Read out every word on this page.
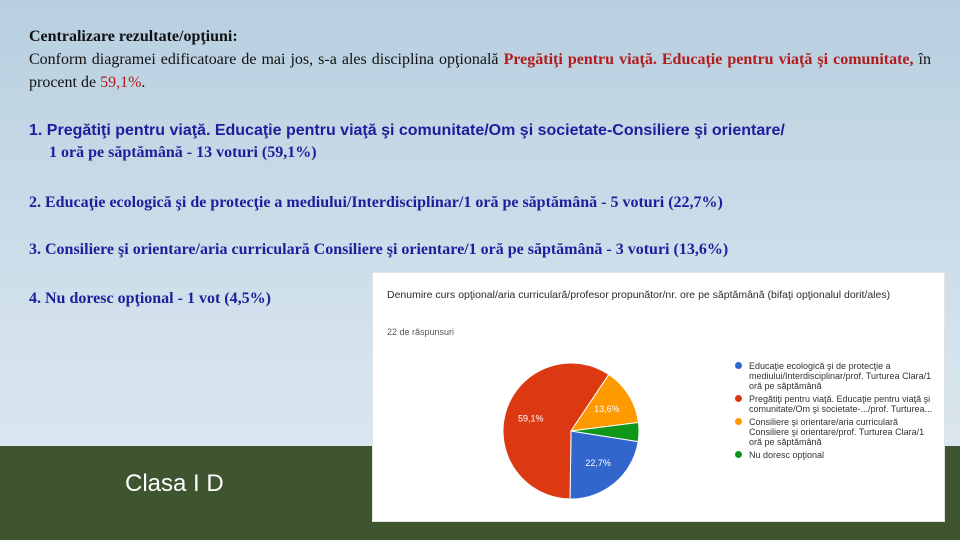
Centralizare rezultate/opţiuni:
Conform diagramei edificatoare de mai jos, s-a ales disciplina opţională Pregătiţi pentru viaţă. Educaţie pentru viaţă şi comunitate, în procent de 59,1%.
1. Pregătiţi pentru viaţă. Educaţie pentru viaţă şi comunitate/Om şi societate-Consiliere şi orientare/
1 oră pe săptămână - 13 voturi (59,1%)
2. Educaţie ecologică şi de protecţie a mediului/Interdisciplinar/1 oră pe săptămână - 5 voturi (22,7%)
3. Consiliere şi orientare/aria curriculară Consiliere şi orientare/1 oră pe săptămână - 3 voturi (13,6%)
4. Nu doresc opţional - 1 vot (4,5%)
Clasa I D
Denumire curs opţional/aria curriculară/profesor propunător/nr. ore pe săptămână (bifaţi opţionalul dorit/ales)
22 de răspunsuri
22,7%
59,1%
13,6%
Educaţie ecologică şi de protecţie a mediului/Interdisciplinar/prof. Turturea Clara/1 oră pe săptămână
Pregătiţi pentru viaţă. Educaţie pentru viaţă şi comunitate/Om şi societate-.../prof. Turturea...
Consiliere şi orientare/aria curriculară Consiliere şi orientare/prof. Turturea Clara/1 oră pe săptămână
Nu doresc opţional
